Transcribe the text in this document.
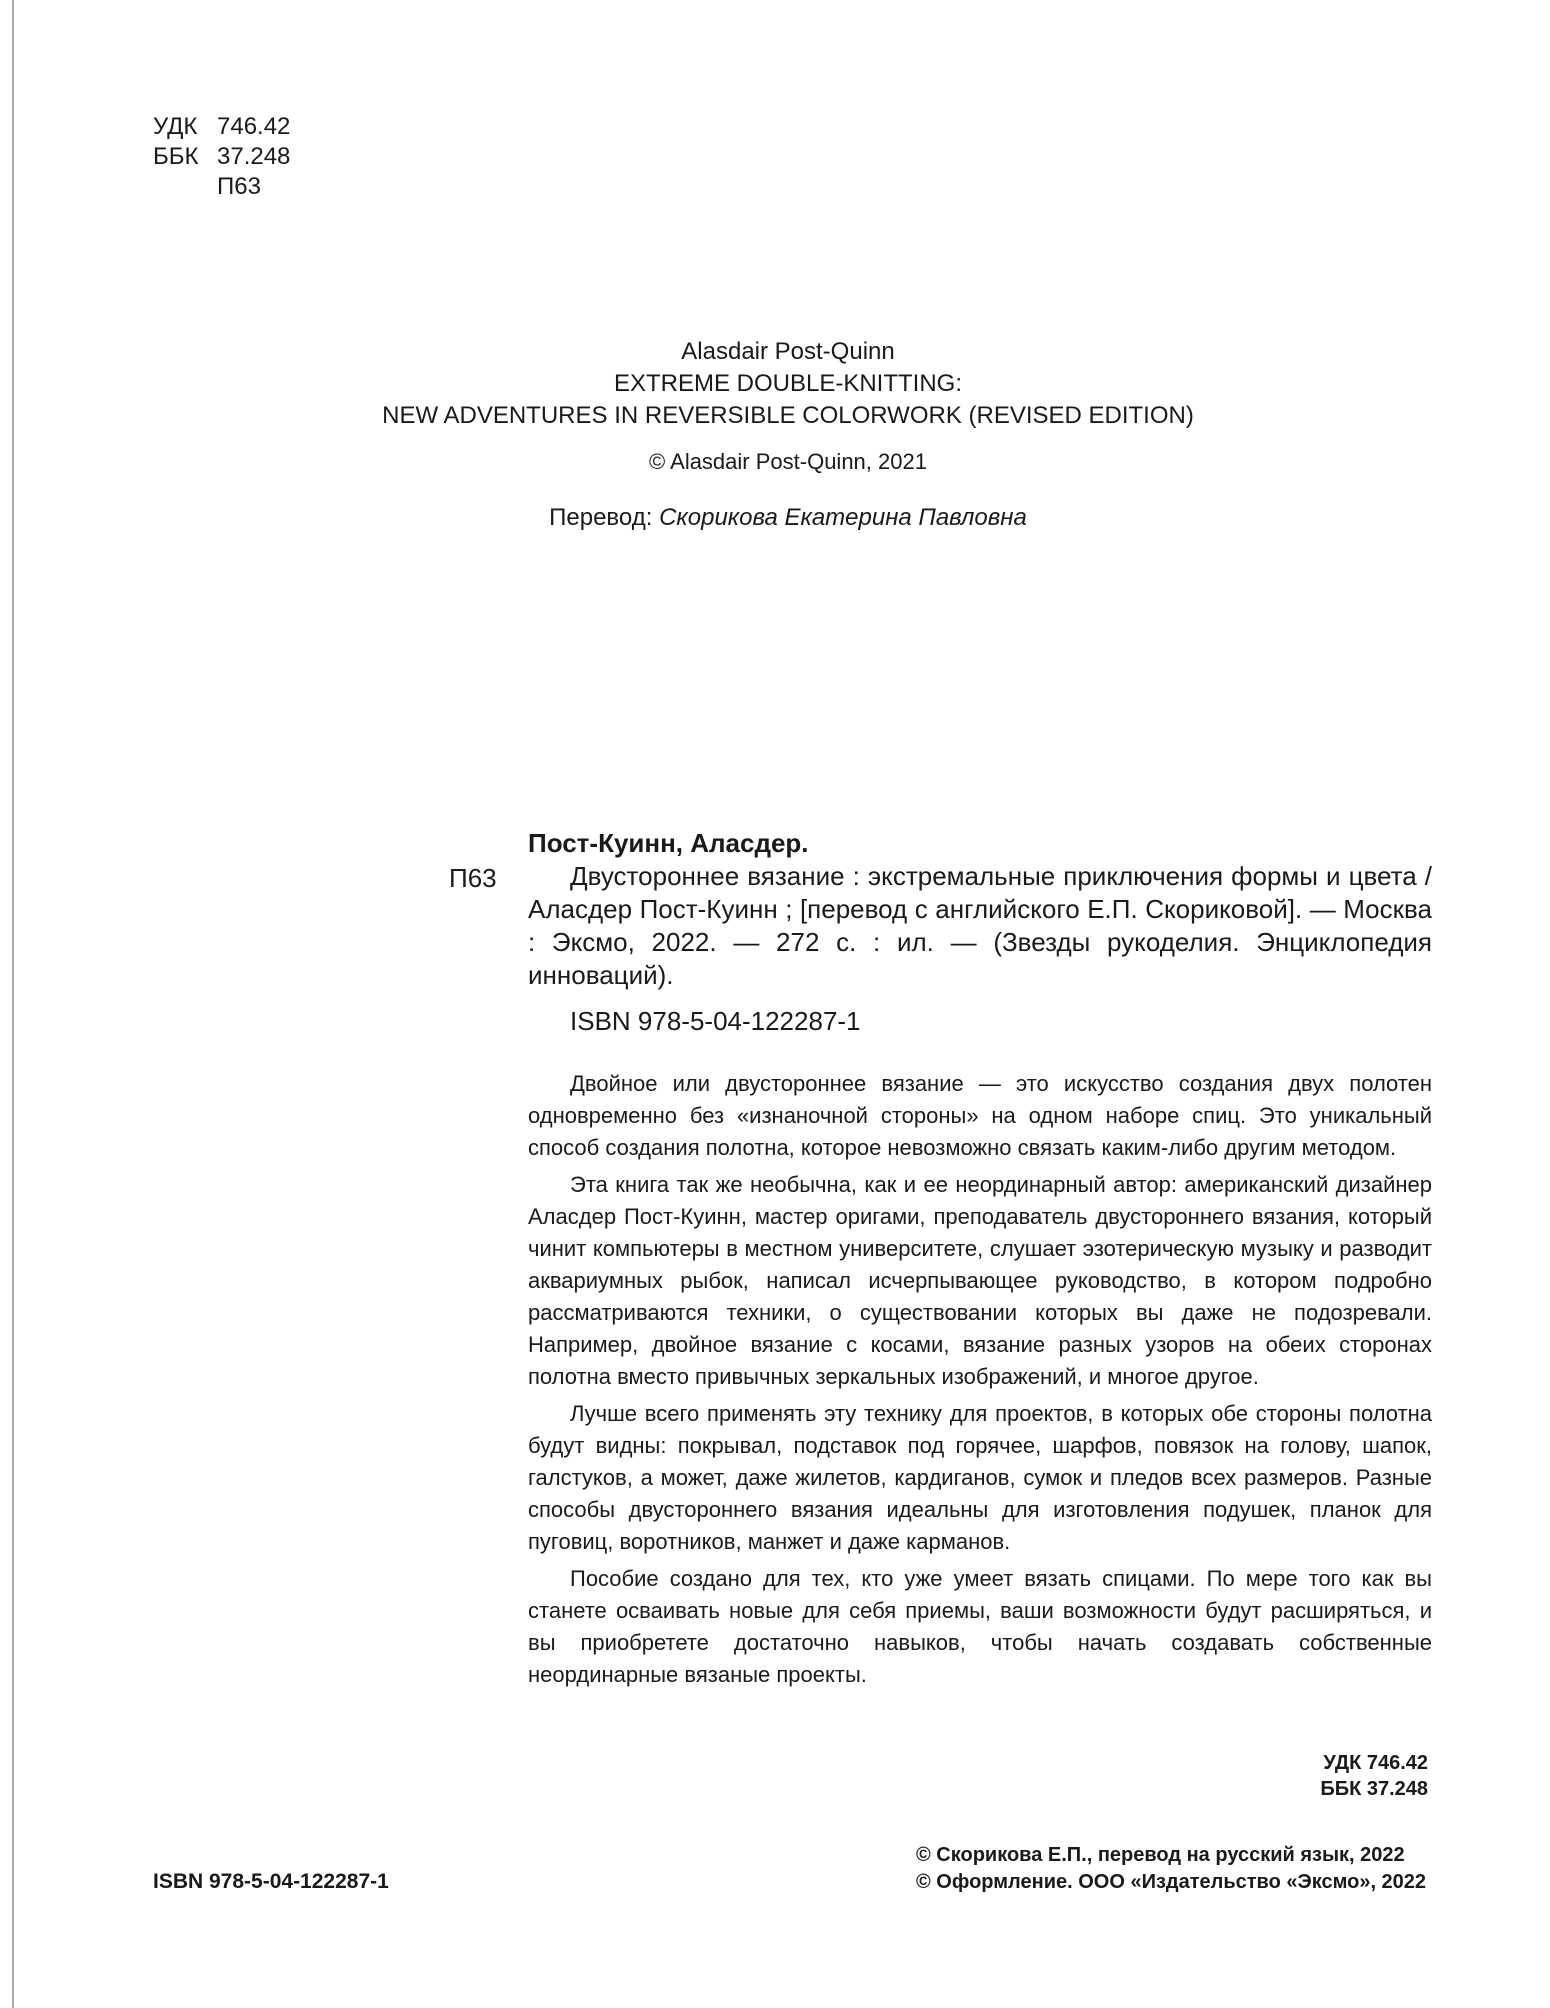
УДК 746.42
ББК 37.248
П63
Alasdair Post-Quinn
EXTREME DOUBLE-KNITTING:
NEW ADVENTURES IN REVERSIBLE COLORWORK (REVISED EDITION)
© Alasdair Post-Quinn, 2021
Перевод: Скорикова Екатерина Павловна
Пост-Куинн, Аласдер.
П63	Двустороннее вязание : экстремальные приключения формы и цвета / Аласдер Пост-Куинн ; [перевод с английского Е.П. Скориковой]. — Москва : Эксмо, 2022. — 272 с. : ил. — (Звезды рукоделия. Энциклопедия инноваций).
ISBN 978-5-04-122287-1

Двойное или двустороннее вязание — это искусство создания двух полотен одновременно без «изнаночной стороны» на одном наборе спиц. Это уникальный способ создания полотна, которое невозможно связать каким-либо другим методом.

Эта книга так же необычна, как и ее неординарный автор: американский дизайнер Аласдер Пост-Куинн, мастер оригами, преподаватель двустороннего вязания, который чинит компьютеры в местном университете, слушает эзотерическую музыку и разводит аквариумных рыбок, написал исчерпывающее руководство, в котором подробно рассматриваются техники, о существовании которых вы даже не подозревали. Например, двойное вязание с косами, вязание разных узоров на обеих сторонах полотна вместо привычных зеркальных изображений, и многое другое.

Лучше всего применять эту технику для проектов, в которых обе стороны полотна будут видны: покрывал, подставок под горячее, шарфов, повязок на голову, шапок, галстуков, а может, даже жилетов, кардиганов, сумок и пледов всех размеров. Разные способы двустороннего вязания идеальны для изготовления подушек, планок для пуговиц, воротников, манжет и даже карманов.

Пособие создано для тех, кто уже умеет вязать спицами. По мере того как вы станете осваивать новые для себя приемы, ваши возможности будут расширяться, и вы приобретете достаточно навыков, чтобы начать создавать собственные неординарные вязаные проекты.

УДК 746.42
ББК 37.248
ISBN 978-5-04-122287-1
© Скорикова Е.П., перевод на русский язык, 2022
© Оформление. ООО «Издательство «Эксмо», 2022
